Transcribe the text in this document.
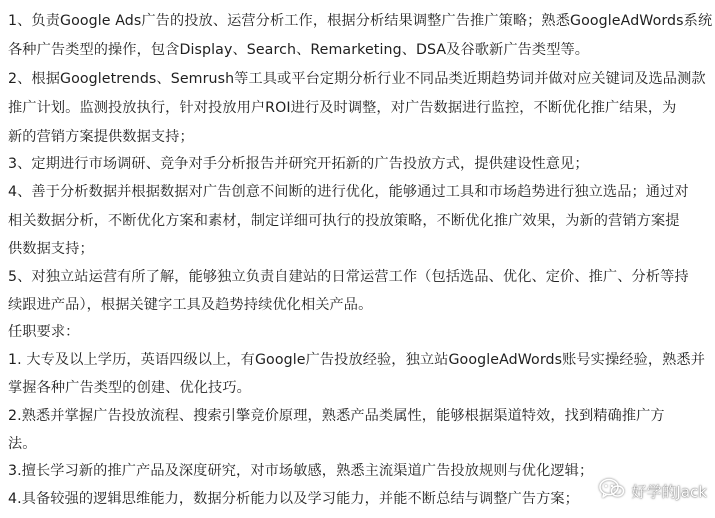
1、负责Google Ads广告的投放、运营分析工作，根据分析结果调整广告推广策略；熟悉GoogleAdWords系统
各种广告类型的操作，包含Display、Search、Remarketing、DSA及谷歌新广告类型等。
2、根据Googletrends、Semrush等工具或平台定期分析行业不同品类近期趋势词并做对应关键词及选品测款
推广计划。监测投放执行，针对投放用户ROI进行及时调整，对广告数据进行监控，不断优化推广结果，为
新的营销方案提供数据支持；
3、定期进行市场调研、竞争对手分析报告并研究开拓新的广告投放方式，提供建设性意见；
4、善于分析数据并根据数据对广告创意不间断的进行优化，能够通过工具和市场趋势进行独立选品；通过对
相关数据分析，不断优化方案和素材，制定详细可执行的投放策略，不断优化推广效果，为新的营销方案提
供数据支持；
5、对独立站运营有所了解，能够独立负责自建站的日常运营工作（包括选品、优化、定价、推广、分析等持
续跟进产品），根据关键字工具及趋势持续优化相关产品。
任职要求：
1. 大专及以上学历，英语四级以上，有Google广告投放经验，独立站GoogleAdWords账号实操经验，熟悉并
掌握各种广告类型的创建、优化技巧。
2.熟悉并掌握广告投放流程、搜索引擎竞价原理，熟悉产品类属性，能够根据渠道特效，找到精确推广方
法。
3.擅长学习新的推广产品及深度研究，对市场敏感，熟悉主流渠道广告投放规则与优化逻辑；
4.具备较强的逻辑思维能力，数据分析能力以及学习能力，并能不断总结与调整广告方案；	好学的Jack
